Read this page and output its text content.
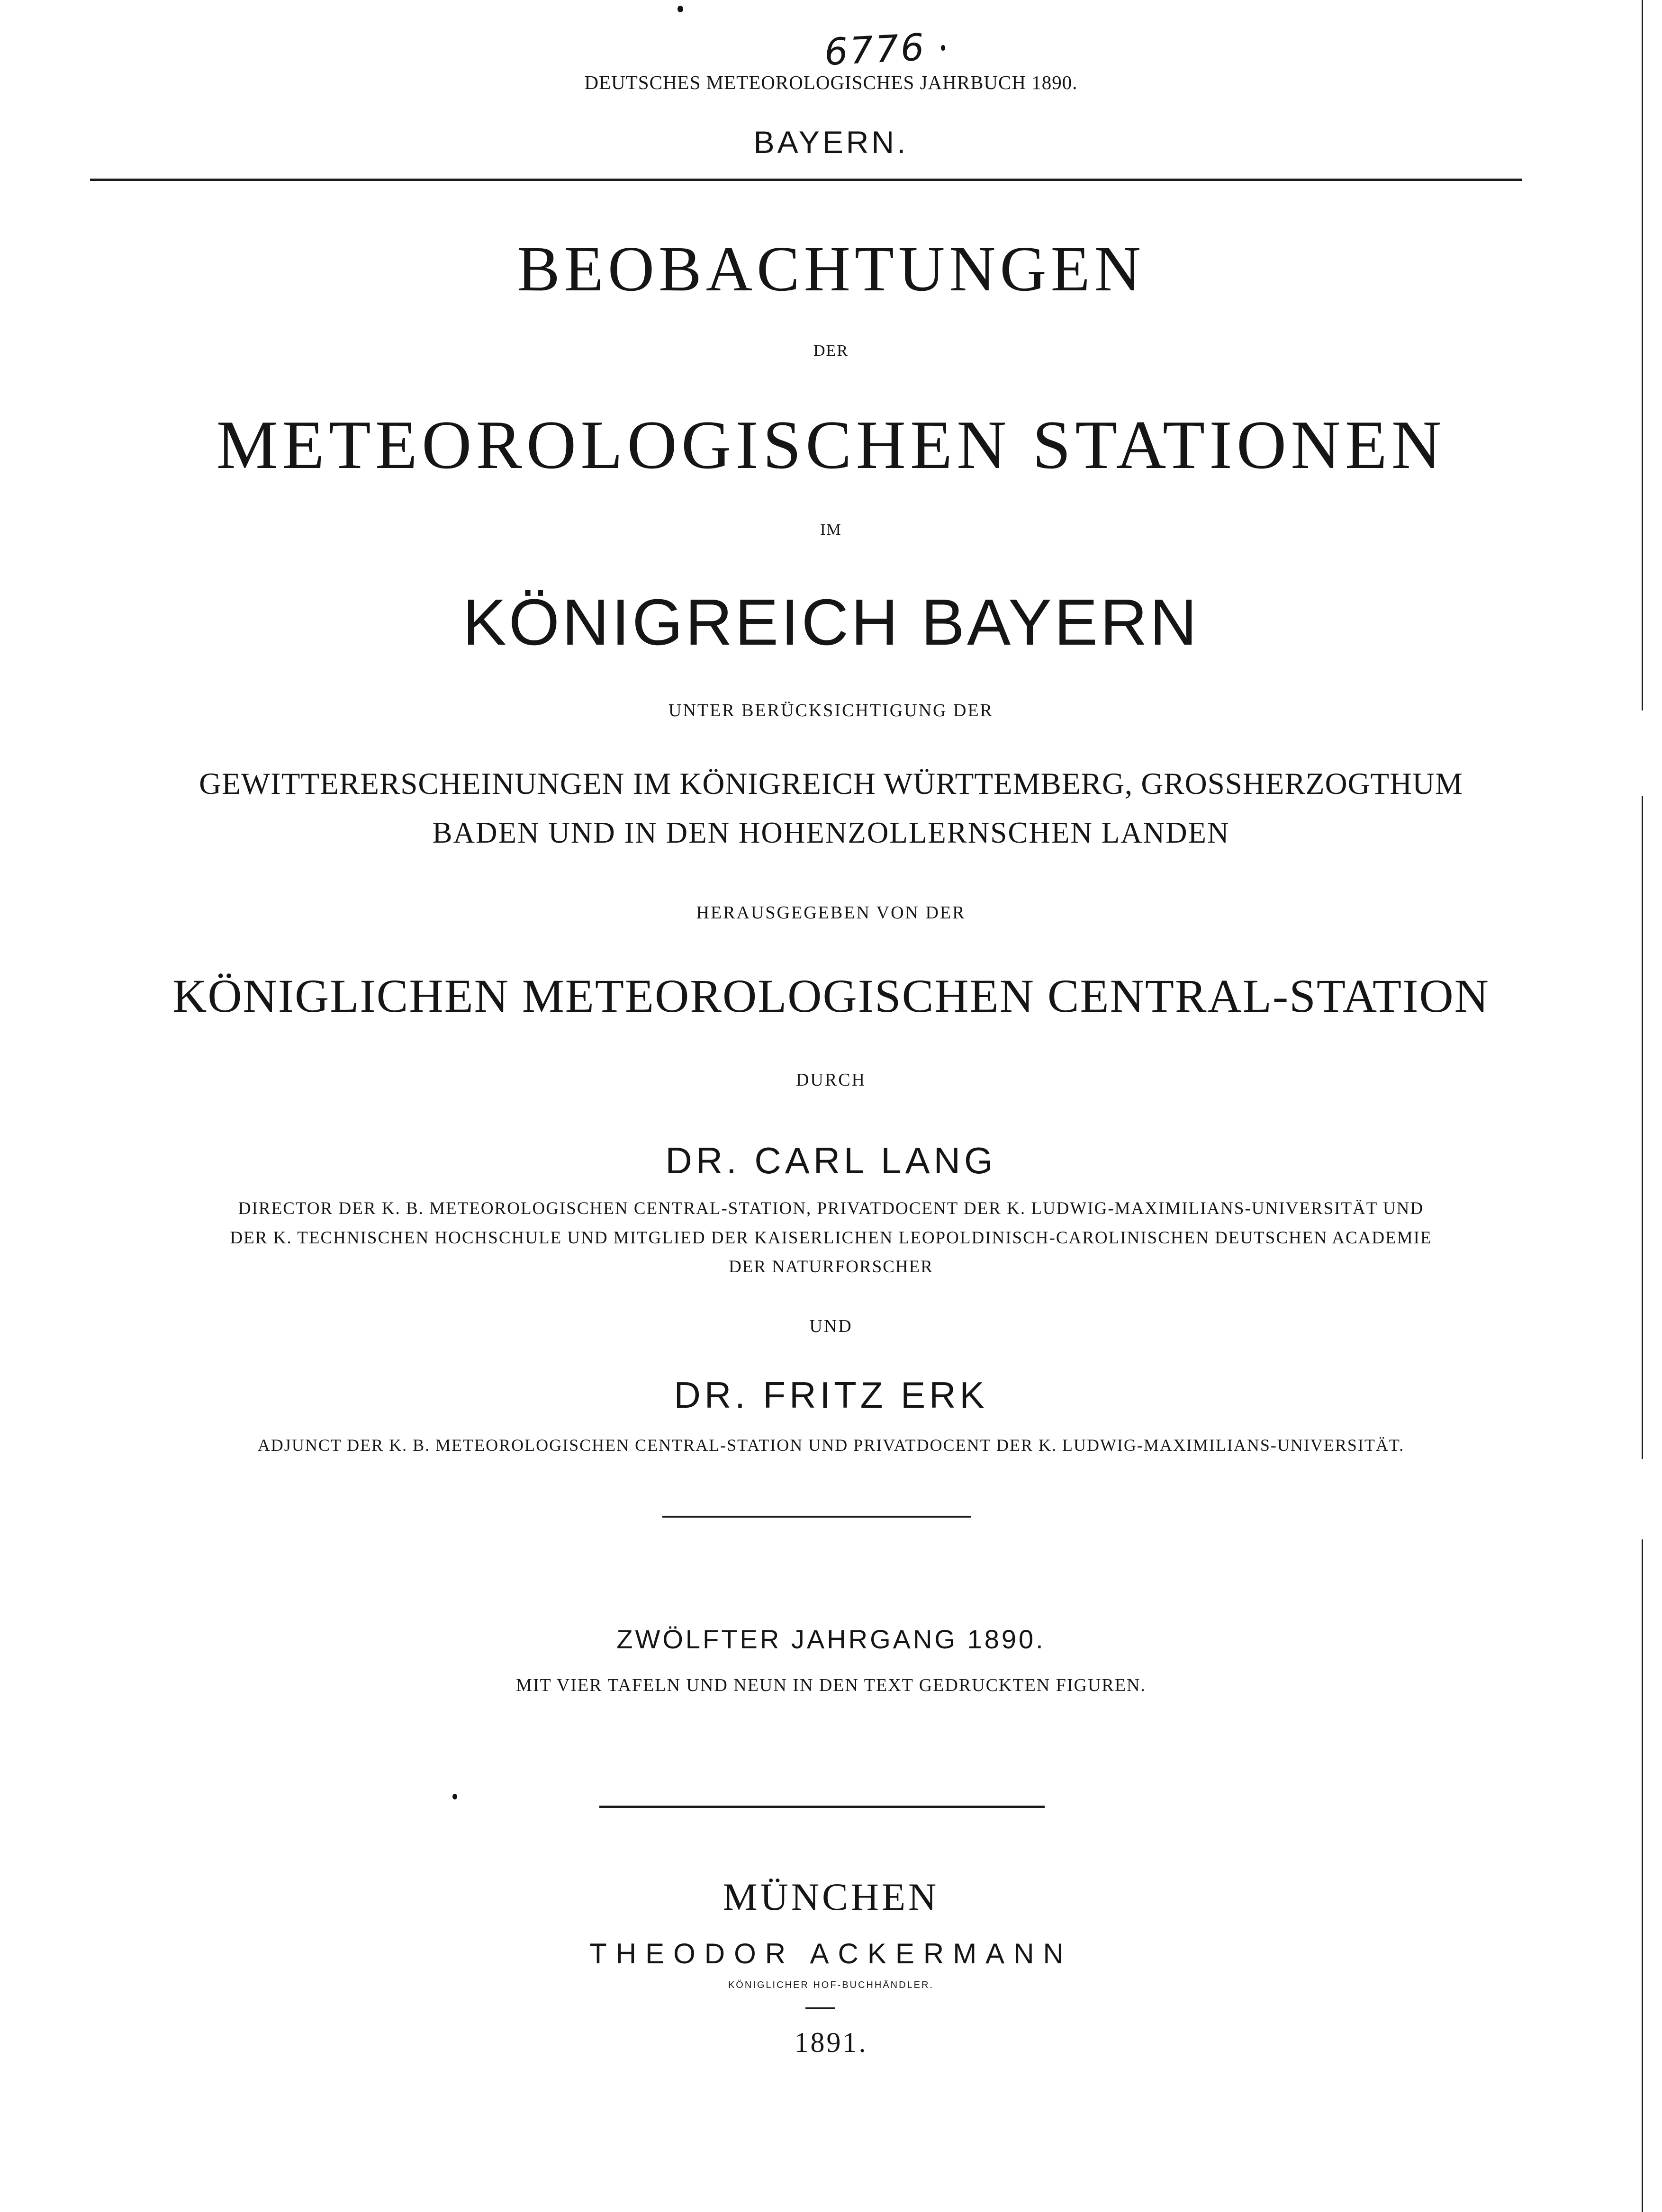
6776
DEUTSCHES METEOROLOGISCHES JAHRBUCH 1890.
BAYERN.
BEOBACHTUNGEN
DER
METEOROLOGISCHEN STATIONEN
IM
KÖNIGREICH BAYERN
UNTER BERÜCKSICHTIGUNG DER
GEWITTERERSCHEINUNGEN IM KÖNIGREICH WÜRTTEMBERG, GROSSHERZOGTHUM
BADEN UND IN DEN HOHENZOLLERNSCHEN LANDEN
HERAUSGEGEBEN VON DER
KÖNIGLICHEN METEOROLOGISCHEN CENTRAL-STATION
DURCH
DR. CARL LANG
DIRECTOR DER K. B. METEOROLOGISCHEN CENTRAL-STATION, PRIVATDOCENT DER K. LUDWIG-MAXIMILIANS-UNIVERSITÄT UND
DER K. TECHNISCHEN HOCHSCHULE UND MITGLIED DER KAISERLICHEN LEOPOLDINISCH-CAROLINISCHEN DEUTSCHEN ACADEMIE
DER NATURFORSCHER
UND
DR. FRITZ ERK
ADJUNCT DER K. B. METEOROLOGISCHEN CENTRAL-STATION UND PRIVATDOCENT DER K. LUDWIG-MAXIMILIANS-UNIVERSITÄT.
ZWÖLFTER JAHRGANG 1890.
MIT VIER TAFELN UND NEUN IN DEN TEXT GEDRUCKTEN FIGUREN.
MÜNCHEN
THEODOR ACKERMANN
KÖNIGLICHER HOF-BUCHHÄNDLER.
1891.
